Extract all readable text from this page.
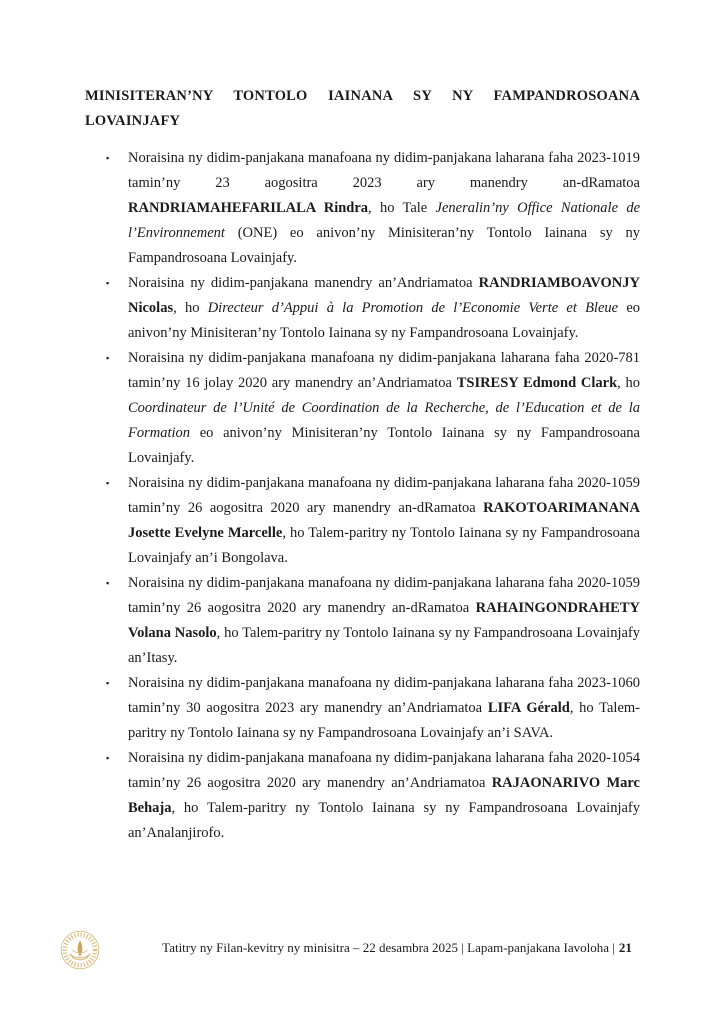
MINISITERAN’NY TONTOLO IAINANA SY NY FAMPANDROSOANA LOVAINJAFY
▪ Noraisina ny didim-panjakana manafoana ny didim-panjakana laharana faha 2023-1019 tamin’ny 23 aogositra 2023 ary manendry an-dRamatoa RANDRIAMAHEFARILALA Rindra, ho Tale Jeneralin’ny Office Nationale de l’Environnement (ONE) eo anivon’ny Minisiteran’ny Tontolo Iainana sy ny Fampandrosoana Lovainjafy.
▪ Noraisina ny didim-panjakana manendry an’Andriamatoa RANDRIAMBOAVONJY Nicolas, ho Directeur d’Appui à la Promotion de l’Economie Verte et Bleue eo anivon’ny Minisiteran’ny Tontolo Iainana sy ny Fampandrosoana Lovainjafy.
▪ Noraisina ny didim-panjakana manafoana ny didim-panjakana laharana faha 2020-781 tamin’ny 16 jolay 2020 ary manendry an’Andriamatoa TSIRESY Edmond Clark, ho Coordinateur de l’Unité de Coordination de la Recherche, de l’Education et de la Formation eo anivon’ny Minisiteran’ny Tontolo Iainana sy ny Fampandrosoana Lovainjafy.
▪ Noraisina ny didim-panjakana manafoana ny didim-panjakana laharana faha 2020-1059 tamin’ny 26 aogositra 2020 ary manendry an-dRamatoa RAKOTOARIMANANA Josette Evelyne Marcelle, ho Talem-paritry ny Tontolo Iainana sy ny Fampandrosoana Lovainjafy an’i Bongolava.
▪ Noraisina ny didim-panjakana manafoana ny didim-panjakana laharana faha 2020-1059 tamin’ny 26 aogositra 2020 ary manendry an-dRamatoa RAHAINGONDRAHETY Volana Nasolo, ho Talem-paritry ny Tontolo Iainana sy ny Fampandrosoana Lovainjafy an’Itasy.
▪ Noraisina ny didim-panjakana manafoana ny didim-panjakana laharana faha 2023-1060 tamin’ny 30 aogositra 2023 ary manendry an’Andriamatoa LIFA Gérald, ho Talem-paritry ny Tontolo Iainana sy ny Fampandrosoana Lovainjafy an’i SAVA.
▪ Noraisina ny didim-panjakana manafoana ny didim-panjakana laharana faha 2020-1054 tamin’ny 26 aogositra 2020 ary manendry an’Andriamatoa RAJAONARIVO Marc Behaja, ho Talem-paritry ny Tontolo Iainana sy ny Fampandrosoana Lovainjafy an’Analanjirofo.
Tatitry ny Filan-kevitry ny minisitra – 22 desambra 2025 | Lapam-panjakana Iavoloha | 21
